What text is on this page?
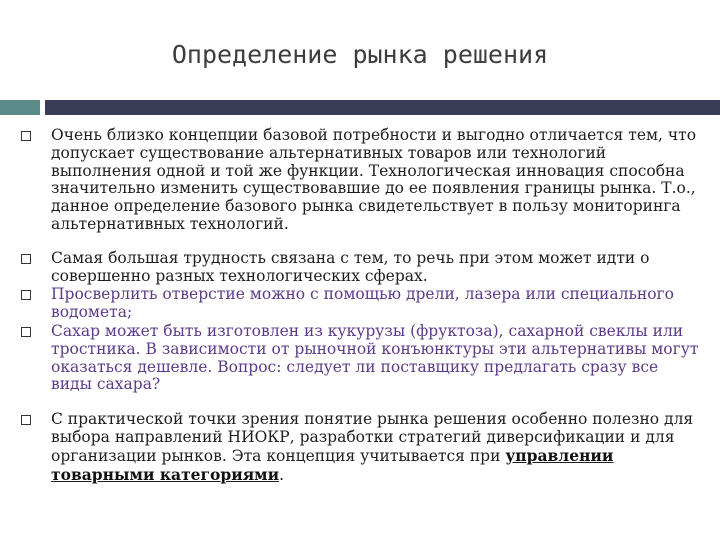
Определение рынка решения
Очень близко концепции базовой потребности и выгодно отличается тем, что допускает существование альтернативных товаров или технологий выполнения одной и той же функции. Технологическая инновация способна значительно изменить существовавшие до ее появления границы рынка. Т.о., данное определение базового рынка свидетельствует в пользу мониторинга альтернативных технологий.
Самая большая трудность связана с тем, то речь при этом может идти о совершенно разных технологических сферах.
Просверлить отверстие можно с помощью дрели, лазера или специального водомета;
Сахар может быть изготовлен из кукурузы (фруктоза), сахарной свеклы или тростника. В зависимости от рыночной конъюнктуры эти альтернативы могут оказаться дешевле. Вопрос: следует ли поставщику предлагать сразу все виды сахара?
С практической точки зрения понятие рынка решения особенно полезно для выбора направлений НИОКР, разработки стратегий диверсификации и для организации рынков. Эта концепция учитывается при управлении товарными категориями.
